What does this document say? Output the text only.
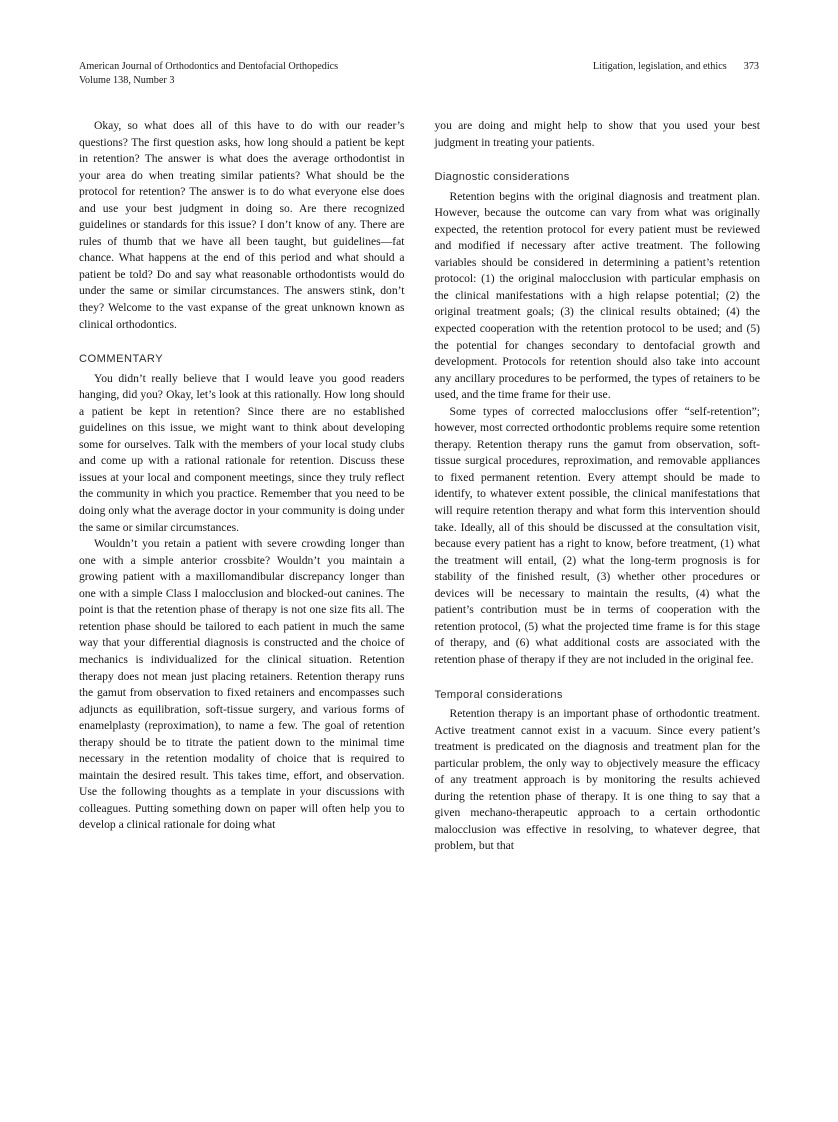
American Journal of Orthodontics and Dentofacial Orthopedics
Volume 138, Number 3
Litigation, legislation, and ethics 373

Okay, so what does all of this have to do with our reader’s questions? The first question asks, how long should a patient be kept in retention? The answer is what does the average orthodontist in your area do when treating similar patients? What should be the protocol for retention? The answer is to do what everyone else does and use your best judgment in doing so. Are there recognized guidelines or standards for this issue? I don’t know of any. There are rules of thumb that we have all been taught, but guidelines—fat chance. What happens at the end of this period and what should a patient be told? Do and say what reasonable orthodontists would do under the same or similar circumstances. The answers stink, don’t they? Welcome to the vast expanse of the great unknown known as clinical orthodontics.

COMMENTARY

You didn’t really believe that I would leave you good readers hanging, did you? Okay, let’s look at this rationally. How long should a patient be kept in retention? Since there are no established guidelines on this issue, we might want to think about developing some for ourselves. Talk with the members of your local study clubs and come up with a rational rationale for retention. Discuss these issues at your local and component meetings, since they truly reflect the community in which you practice. Remember that you need to be doing only what the average doctor in your community is doing under the same or similar circumstances.

Wouldn’t you retain a patient with severe crowding longer than one with a simple anterior crossbite? Wouldn’t you maintain a growing patient with a maxillomandibular discrepancy longer than one with a simple Class I malocclusion and blocked-out canines. The point is that the retention phase of therapy is not one size fits all. The retention phase should be tailored to each patient in much the same way that your differential diagnosis is constructed and the choice of mechanics is individualized for the clinical situation. Retention therapy does not mean just placing retainers. Retention therapy runs the gamut from observation to fixed retainers and encompasses such adjuncts as equilibration, soft-tissue surgery, and various forms of enamelplasty (reproximation), to name a few. The goal of retention therapy should be to titrate the patient down to the minimal time necessary in the retention modality of choice that is required to maintain the desired result. This takes time, effort, and observation. Use the following thoughts as a template in your discussions with colleagues. Putting something down on paper will often help you to develop a clinical rationale for doing what

you are doing and might help to show that you used your best judgment in treating your patients.

Diagnostic considerations

Retention begins with the original diagnosis and treatment plan. However, because the outcome can vary from what was originally expected, the retention protocol for every patient must be reviewed and modified if necessary after active treatment. The following variables should be considered in determining a patient’s retention protocol: (1) the original malocclusion with particular emphasis on the clinical manifestations with a high relapse potential; (2) the original treatment goals; (3) the clinical results obtained; (4) the expected cooperation with the retention protocol to be used; and (5) the potential for changes secondary to dentofacial growth and development. Protocols for retention should also take into account any ancillary procedures to be performed, the types of retainers to be used, and the time frame for their use.

Some types of corrected malocclusions offer “self-retention”; however, most corrected orthodontic problems require some retention therapy. Retention therapy runs the gamut from observation, soft-tissue surgical procedures, reproximation, and removable appliances to fixed permanent retention. Every attempt should be made to identify, to whatever extent possible, the clinical manifestations that will require retention therapy and what form this intervention should take. Ideally, all of this should be discussed at the consultation visit, because every patient has a right to know, before treatment, (1) what the treatment will entail, (2) what the long-term prognosis is for stability of the finished result, (3) whether other procedures or devices will be necessary to maintain the results, (4) what the patient’s contribution must be in terms of cooperation with the retention protocol, (5) what the projected time frame is for this stage of therapy, and (6) what additional costs are associated with the retention phase of therapy if they are not included in the original fee.

Temporal considerations

Retention therapy is an important phase of orthodontic treatment. Active treatment cannot exist in a vacuum. Since every patient’s treatment is predicated on the diagnosis and treatment plan for the particular problem, the only way to objectively measure the efficacy of any treatment approach is by monitoring the results achieved during the retention phase of therapy. It is one thing to say that a given mechano-therapeutic approach to a certain orthodontic malocclusion was effective in resolving, to whatever degree, that problem, but that
